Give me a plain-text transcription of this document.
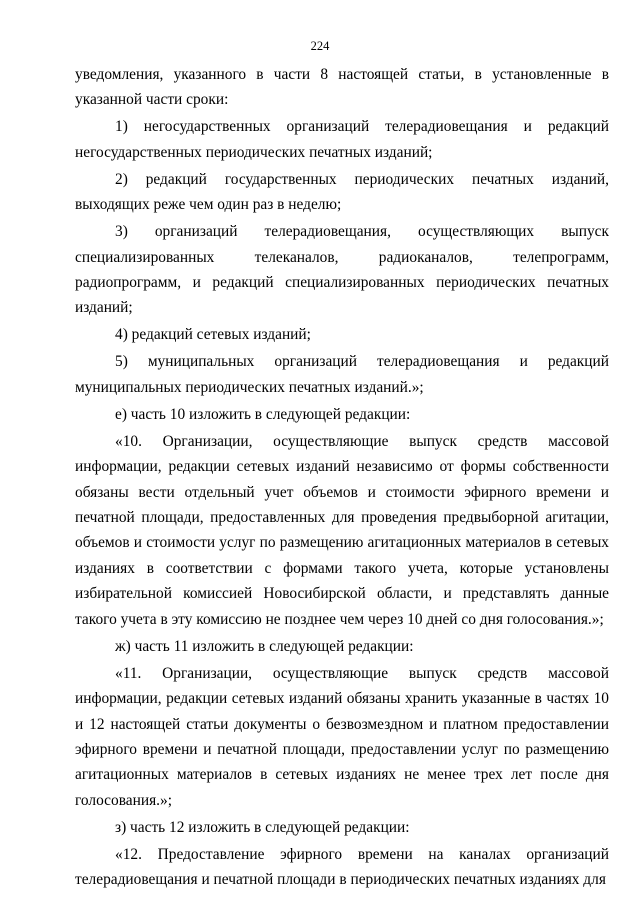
224

уведомления, указанного в части 8 настоящей статьи, в установленные в указанной части сроки:

1) негосударственных организаций телерадиовещания и редакций негосударственных периодических печатных изданий;

2) редакций государственных периодических печатных изданий, выходящих реже чем один раз в неделю;

3) организаций телерадиовещания, осуществляющих выпуск специализированных телеканалов, радиоканалов, телепрограмм, радиопрограмм, и редакций специализированных периодических печатных изданий;

4) редакций сетевых изданий;

5) муниципальных организаций телерадиовещания и редакций муниципальных периодических печатных изданий.»;

е) часть 10 изложить в следующей редакции:

«10. Организации, осуществляющие выпуск средств массовой информации, редакции сетевых изданий независимо от формы собственности обязаны вести отдельный учет объемов и стоимости эфирного времени и печатной площади, предоставленных для проведения предвыборной агитации, объемов и стоимости услуг по размещению агитационных материалов в сетевых изданиях в соответствии с формами такого учета, которые установлены избирательной комиссией Новосибирской области, и представлять данные такого учета в эту комиссию не позднее чем через 10 дней со дня голосования.»;

ж) часть 11 изложить в следующей редакции:

«11. Организации, осуществляющие выпуск средств массовой информации, редакции сетевых изданий обязаны хранить указанные в частях 10 и 12 настоящей статьи документы о безвозмездном и платном предоставлении эфирного времени и печатной площади, предоставлении услуг по размещению агитационных материалов в сетевых изданиях не менее трех лет после дня голосования.»;

з) часть 12 изложить в следующей редакции:

«12. Предоставление эфирного времени на каналах организаций телерадиовещания и печатной площади в периодических печатных изданиях для
